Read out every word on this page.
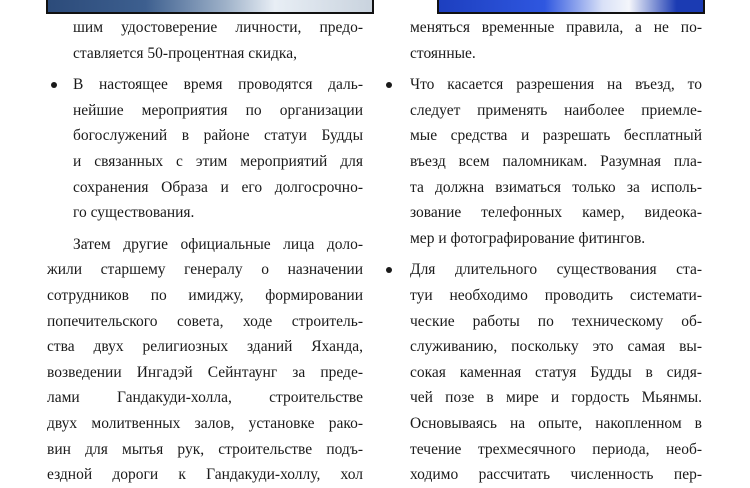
шим удостоверение личности, предо-
ставляется 50-процентная скидка,
В настоящее время проводятся даль-
нейшие мероприятия по организации
богослужений в районе статуи Будды
и связанных с этим мероприятий для
сохранения Образа и его долгосрочно-
го существования.
Затем другие официальные лица доло-
жили старшему генералу о назначении
сотрудников по имиджу, формировании
попечительского совета, ходе строитель-
ства двух религиозных зданий Яханда,
возведении Ингадэй Сейнтаунг за преде-
лами Гандакуди-холла, строительстве
двух молитвенных залов, установке рако-
вин для мытья рук, строительстве подъ-
ездной дороги к Гандакуди-холлу, хол
меняться временные правила, а не по-
стоянные.
Что касается разрешения на въезд, то
следует применять наиболее приемле-
мые средства и разрешать бесплатный
въезд всем паломникам. Разумная пла-
та должна взиматься только за исполь-
зование телефонных камер, видеока-
мер и фотографирование фитингов.
Для длительного существования ста-
туи необходимо проводить системати-
ческие работы по техническому об-
служиванию, поскольку это самая вы-
сокая каменная статуя Будды в сидя-
чей позе в мире и гордость Мьянмы.
Основываясь на опыте, накопленном в
течение трехмесячного периода, необ-
ходимо рассчитать численность пер-
